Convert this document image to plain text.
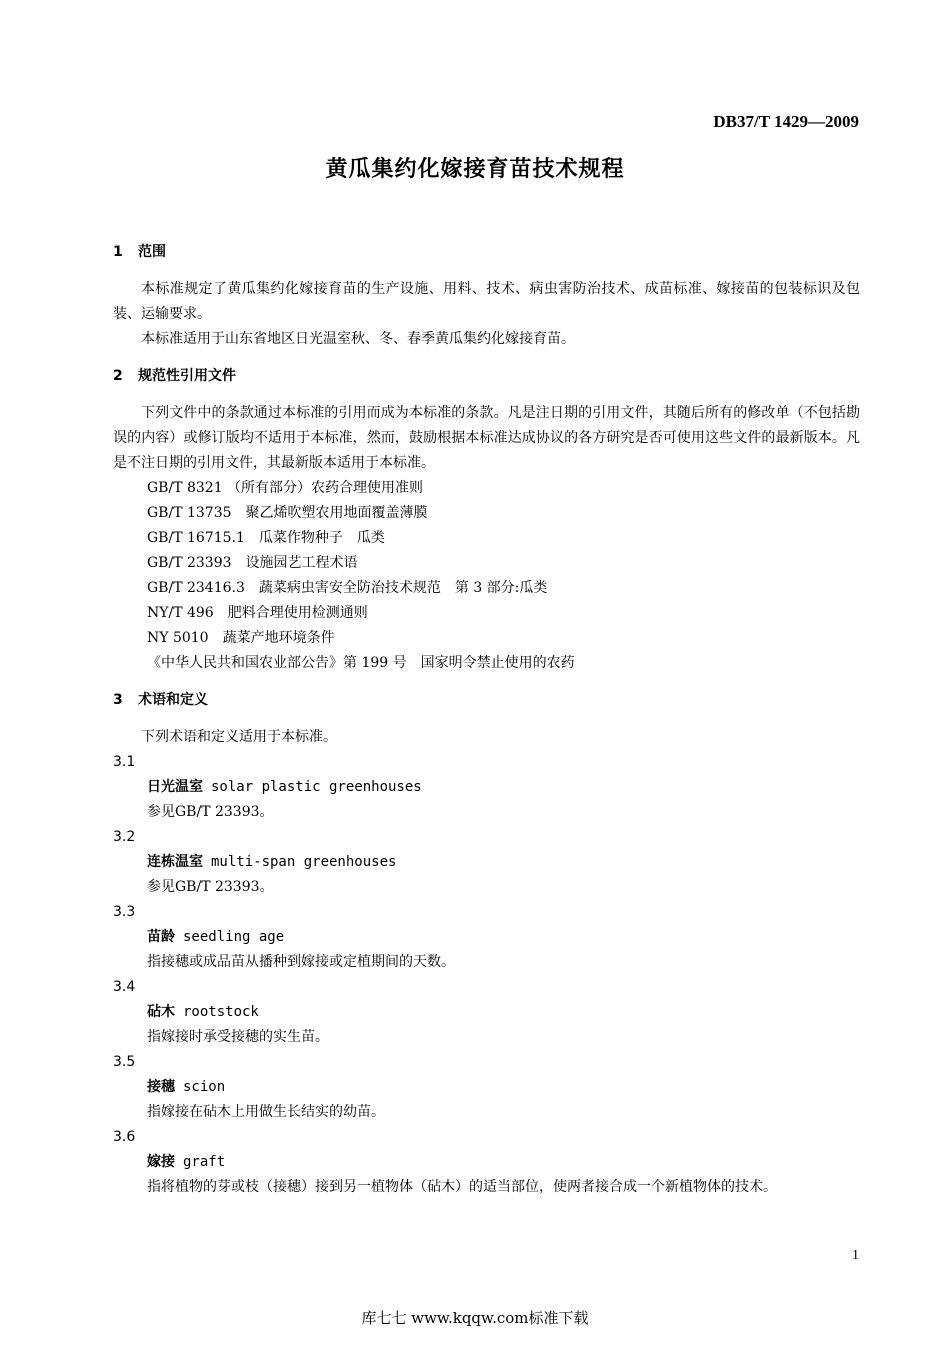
DB37/T 1429—2009
黄瓜集约化嫁接育苗技术规程
1 范围

本标准规定了黄瓜集约化嫁接育苗的生产设施、用料、技术、病虫害防治技术、成苗标准、嫁接苗的包装标识及包装、运输要求。

本标准适用于山东省地区日光温室秋、冬、春季黄瓜集约化嫁接育苗。

2 规范性引用文件

下列文件中的条款通过本标准的引用而成为本标准的条款。凡是注日期的引用文件，其随后所有的修改单（不包括勘误的内容）或修订版均不适用于本标准，然而，鼓励根据本标准达成协议的各方研究是否可使用这些文件的最新版本。凡是不注日期的引用文件，其最新版本适用于本标准。

GB/T 8321 （所有部分）农药合理使用准则

GB/T 13735　聚乙烯吹塑农用地面覆盖薄膜

GB/T 16715.1　瓜菜作物种子　瓜类

GB/T 23393　设施园艺工程术语

GB/T 23416.3　蔬菜病虫害安全防治技术规范　第 3 部分:瓜类

NY/T 496　肥料合理使用检测通则

NY 5010　蔬菜产地环境条件

《中华人民共和国农业部公告》第 199 号　国家明令禁止使用的农药

3 术语和定义

下列术语和定义适用于本标准。

3.1

日光温室 solar plastic greenhouses

参见GB/T 23393。

3.2

连栋温室 multi-span greenhouses

参见GB/T 23393。

3.3

苗龄 seedling age

指接穗或成品苗从播种到嫁接或定植期间的天数。

3.4

砧木 rootstock

指嫁接时承受接穗的实生苗。

3.5

接穗 scion

指嫁接在砧木上用做生长结实的幼苗。

3.6

嫁接 graft

指将植物的芽或枝（接穗）接到另一植物体（砧木）的适当部位，使两者接合成一个新植物体的技术。

1
库七七 www.kqqw.com标准下载
